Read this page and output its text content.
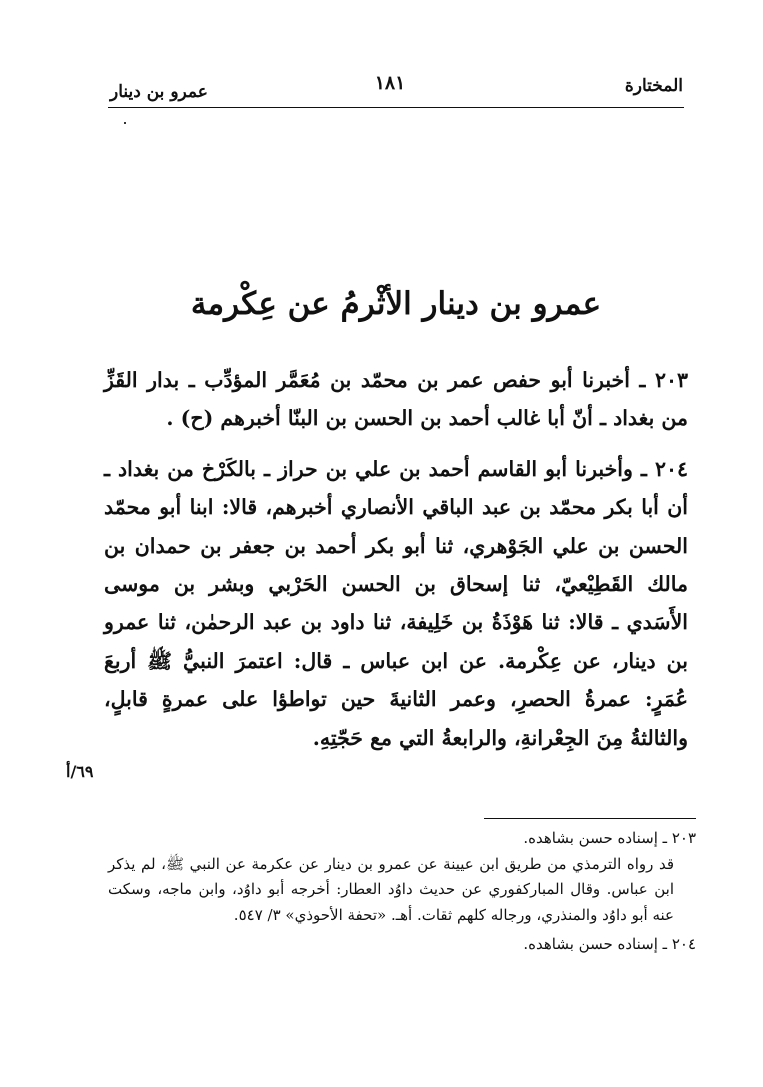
المختارة
١٨١
عمرو بن دينار
عمرو بن دينار الأثْرمُ عن عِكْرمة

٢٠٣ ـ أخبرنا أبو حفص عمر بن محمّد بن مُعَمَّر المؤدِّب ـ بدار القَزِّ من بغداد ـ أنّ أبا غالب أحمد بن الحسن بن البنّا أخبرهم (ح) .

٢٠٤ ـ وأخبرنا أبو القاسم أحمد بن علي بن حراز ـ بالكَرْخ من بغداد ـ أن أبا بكر محمّد بن عبد الباقي الأنصاري أخبرهم، قالا: ابنا أبو محمّد الحسن بن علي الجَوْهري، ثنا أبو بكر أحمد بن جعفر بن حمدان بن مالك القَطِيْعيّ، ثنا إسحاق بن الحسن الحَرْبي وبشر بن موسى الأَسَدي ـ قالا: ثنا هَوْذَةُ بن خَلِيفة، ثنا داود بن عبد الرحمٰن، ثنا عمرو بن دينار، عن عِكْرمة. عن ابن عباس ـ قال: اعتمرَ النبيُّ ﷺ أربعَ عُمَرٍ: عمرةُ الحصرِ، وعمر الثانيةَ حين تواطؤا على عمرةٍ قابلٍ، والثالثةُ مِنَ الجِعْرانةِ، والرابعةُ التي مع حَجّتِهِ.

٦٩/أ

٢٠٣ ـ إسناده حسن بشاهده.

قد رواه الترمذي من طريق ابن عيينة عن عمرو بن دينار عن عكرمة عن النبي ﷺ، لم يذكر ابن عباس. وقال المباركفوري عن حديث داوُد العطار: أخرجه أبو داوُد، وابن ماجه، وسكت عنه أبو داوُد والمنذري، ورجاله كلهم ثقات. أهـ. «تحفة الأحوذي» ٣/ ٥٤٧.

٢٠٤ ـ إسناده حسن بشاهده.
